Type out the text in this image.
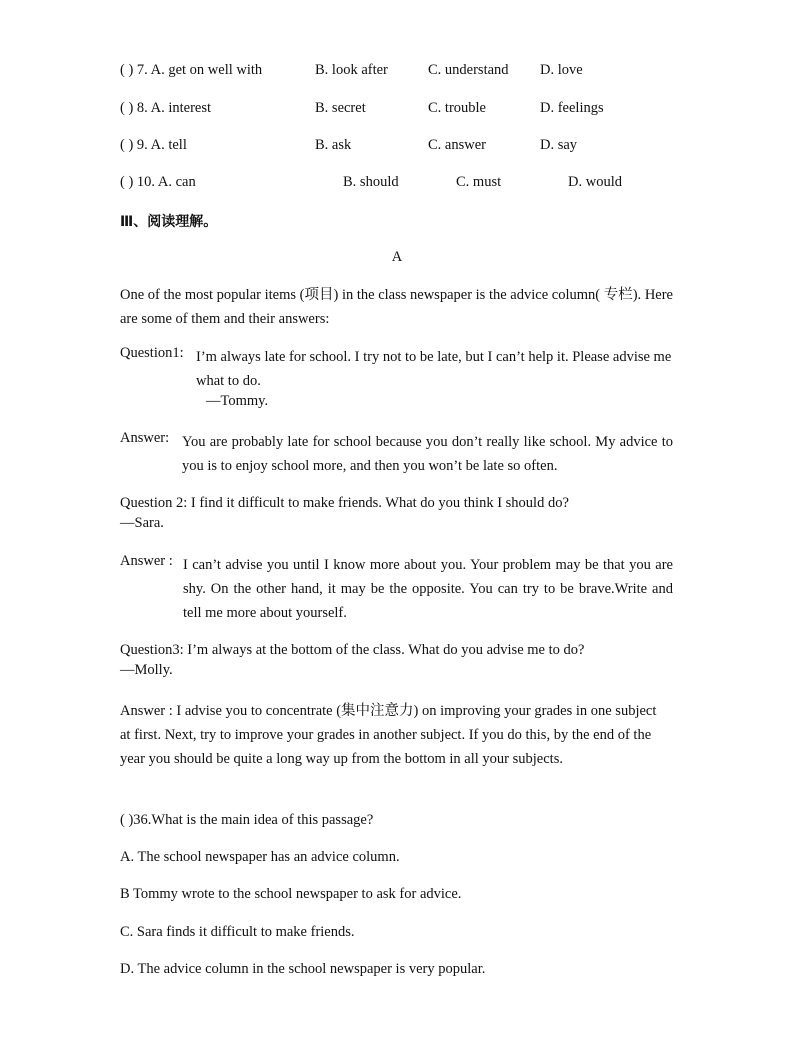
( ) 7. A. get on well with	B. look after	C. understand D. love
( ) 8. A. interest	B. secret	C. trouble	D. feelings
( ) 9. A. tell	B. ask	C. answer	D. say
( ) 10. A. can	B. should	C. must	D. would
Ⅲ、阅读理解。
A
One of the most popular items (项目) in the class newspaper is the advice column( 专栏). Here are some of them and their answers:
Question1: I’m always late for school. I try not to be late, but I can’t help it. Please advise me what to do.
—Tommy.
Answer: You are probably late for school because you don’t really like school. My advice to you is to enjoy school more, and then you won’t be late so often.
Question 2: I find it difficult to make friends. What do you think I should do?
—Sara.
Answer : I can’t advise you until I know more about you. Your problem may be that you are shy. On the other hand, it may be the opposite. You can try to be brave.Write and tell me more about yourself.
Question3: I’m always at the bottom of the class. What do you advise me to do?
—Molly.
Answer : I advise you to concentrate (集中注意力) on improving your grades in one subject at first. Next, try to improve your grades in another subject. If you do this, by the end of the year you should be quite a long way up from the bottom in all your subjects.
( )36.What is the main idea of this passage?
A. The school newspaper has an advice column.
B Tommy wrote to the school newspaper to ask for advice.
C. Sara finds it difficult to make friends.
D. The advice column in the school newspaper is very popular.
